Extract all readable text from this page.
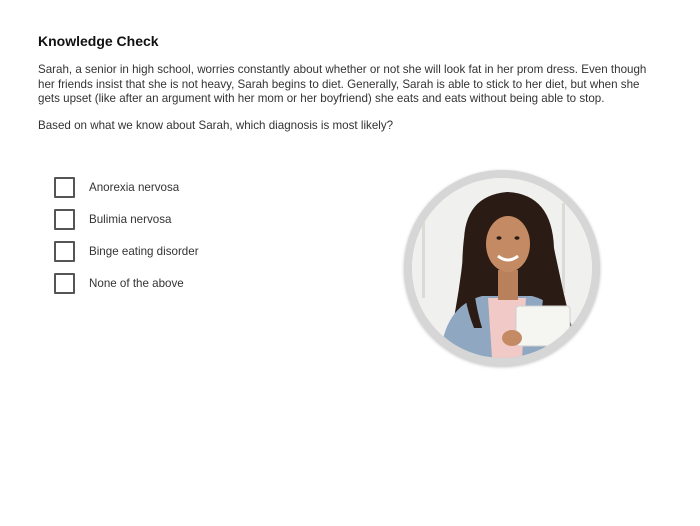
Knowledge Check
Sarah, a senior in high school, worries constantly about whether or not she will look fat in her prom dress. Even though her friends insist that she is not heavy, Sarah begins to diet. Generally, Sarah is able to stick to her diet, but when she gets upset (like after an argument with her mom or her boyfriend) she eats and eats without being able to stop.
Based on what we know about Sarah, which diagnosis is most likely?
Anorexia nervosa
Bulimia nervosa
Binge eating disorder
None of the above
